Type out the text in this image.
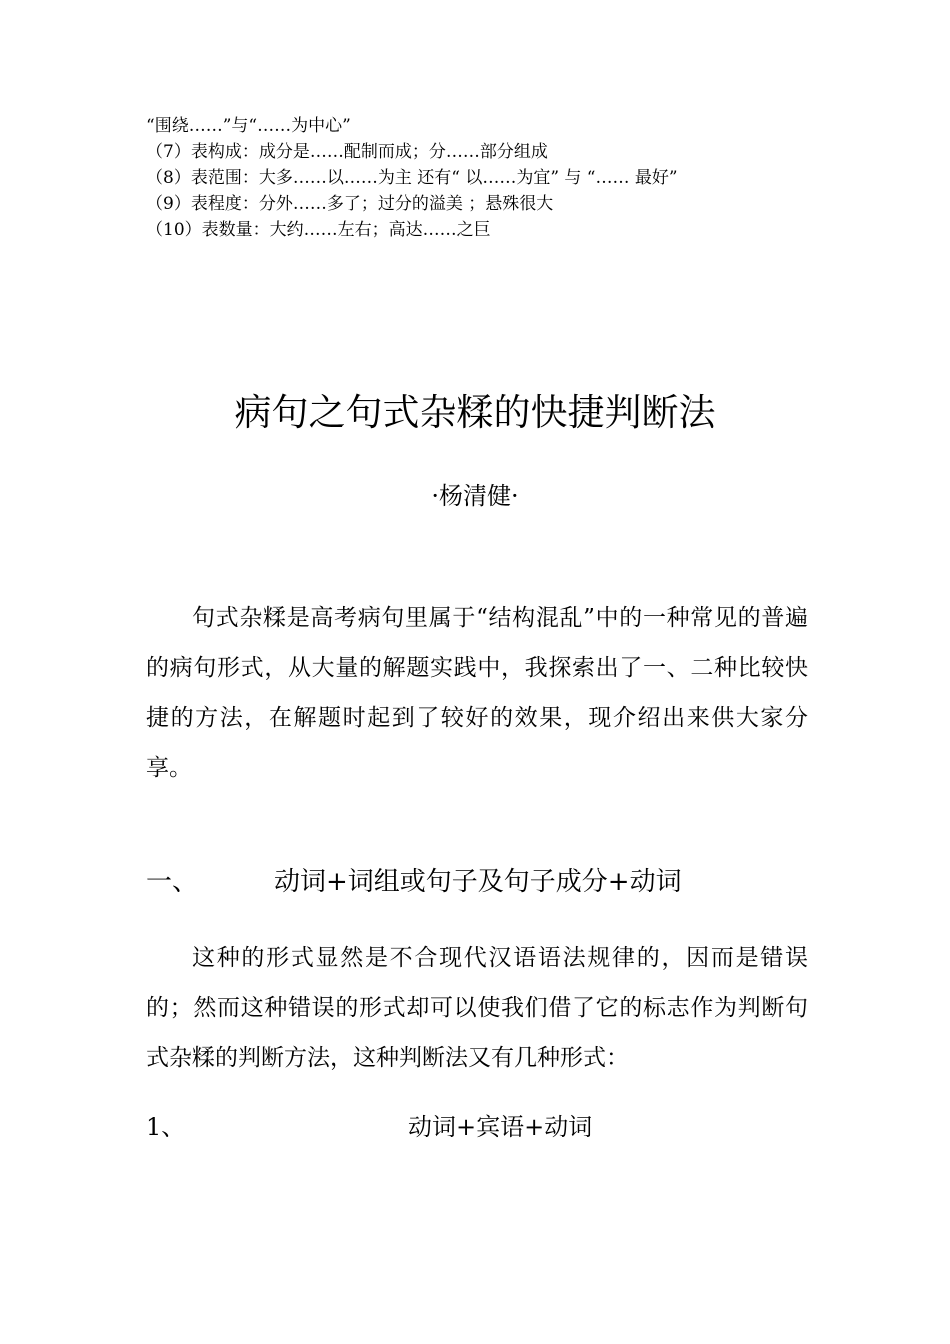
“围绕……”与“……为中心”
（7）表构成：成分是……配制而成；分……部分组成
（8）表范围：大多……以……为主 还有“ 以……为宜” 与 “…… 最好”
（9）表程度：分外……多了；过分的溢美 ；悬殊很大
（10）表数量：大约……左右；高达……之巨
病句之句式杂糅的快捷判断法
·杨清健·
句式杂糅是高考病句里属于“结构混乱”中的一种常见的普遍的病句形式，从大量的解题实践中，我探索出了一、二种比较快捷的方法，在解题时起到了较好的效果，现介绍出来供大家分享。
一、	动词+词组或句子及句子成分+动词
这种的形式显然是不合现代汉语语法规律的，因而是错误的；然而这种错误的形式却可以使我们借了它的标志作为判断句式杂糅的判断方法，这种判断法又有几种形式：
1、	动词+宾语+动词
